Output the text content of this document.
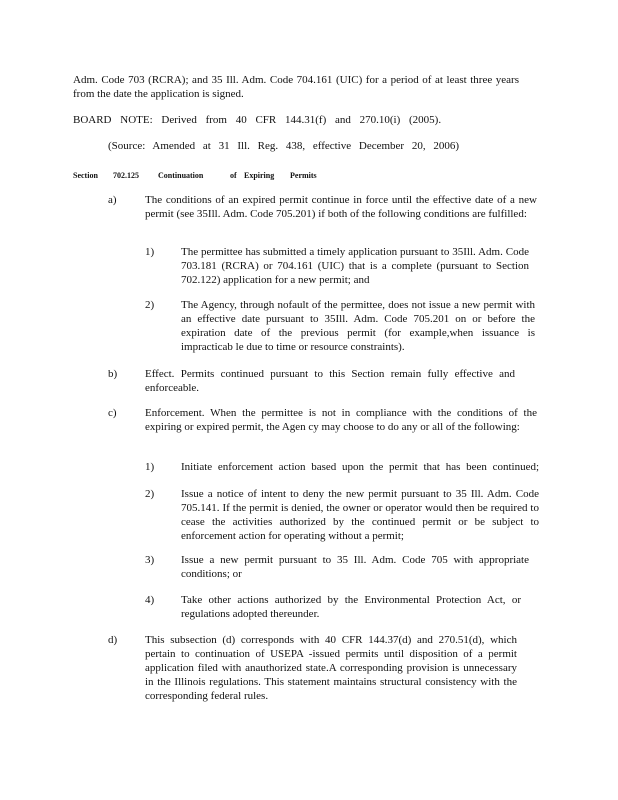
Adm. Code 703 (RCRA); and 35 Ill. Adm. Code 704.161 (UIC) for a period of at least three years from the date the application is signed.

BOARD NOTE: Derived from 40 CFR 144.31(f) and 270.10(i) (2005).

(Source: Amended at 31 Ill. Reg. 438, effective December 20, 2006)

Section 702.125 Continuation	of Expiring Permits
a)	The conditions of an expired permit continue in force until the effective date of a new permit (see 35Ill. Adm. Code 705.201) if both of the following conditions are fulfilled:

1) The permittee has submitted a timely application pursuant to 35Ill. Adm. Code 703.181 (RCRA) or 704.161 (UIC) that is a complete (pursuant to Section 702.122) application for a new permit; and

2) The Agency, through nofault of the permittee, does not issue a new permit with an effective date pursuant to 35Ill. Adm. Code 705.201 on or before the expiration date of the previous permit (for example,when issuance is impracticab le due to time or resource constraints).

b)	Effect. Permits continued pursuant to this Section remain fully effective and enforceable.

c)	Enforcement. When the permittee is not in compliance with the conditions of the expiring or expired permit, the Agen cy may choose to do any or all of the following:

1) Initiate enforcement action based upon the permit that has been continued;

2) Issue a notice of intent to deny the new permit pursuant to 35 Ill. Adm. Code 705.141. If the permit is denied, the owner or operator would then be required to cease the activities authorized by the continued permit or be subject to enforcement action for operating without a permit;

3) Issue a new permit pursuant to 35 Ill. Adm. Code 705 with appropriate conditions; or

4) Take other actions authorized by the Environmental Protection Act, or regulations adopted thereunder.

d)	This subsection (d) corresponds with 40 CFR 144.37(d) and 270.51(d), which pertain to continuation of USEPA -issued permits until disposition of a permit application filed with anauthorized state.A corresponding provision is unnecessary in the Illinois regulations. This statement maintains structural consistency with the corresponding federal rules.
